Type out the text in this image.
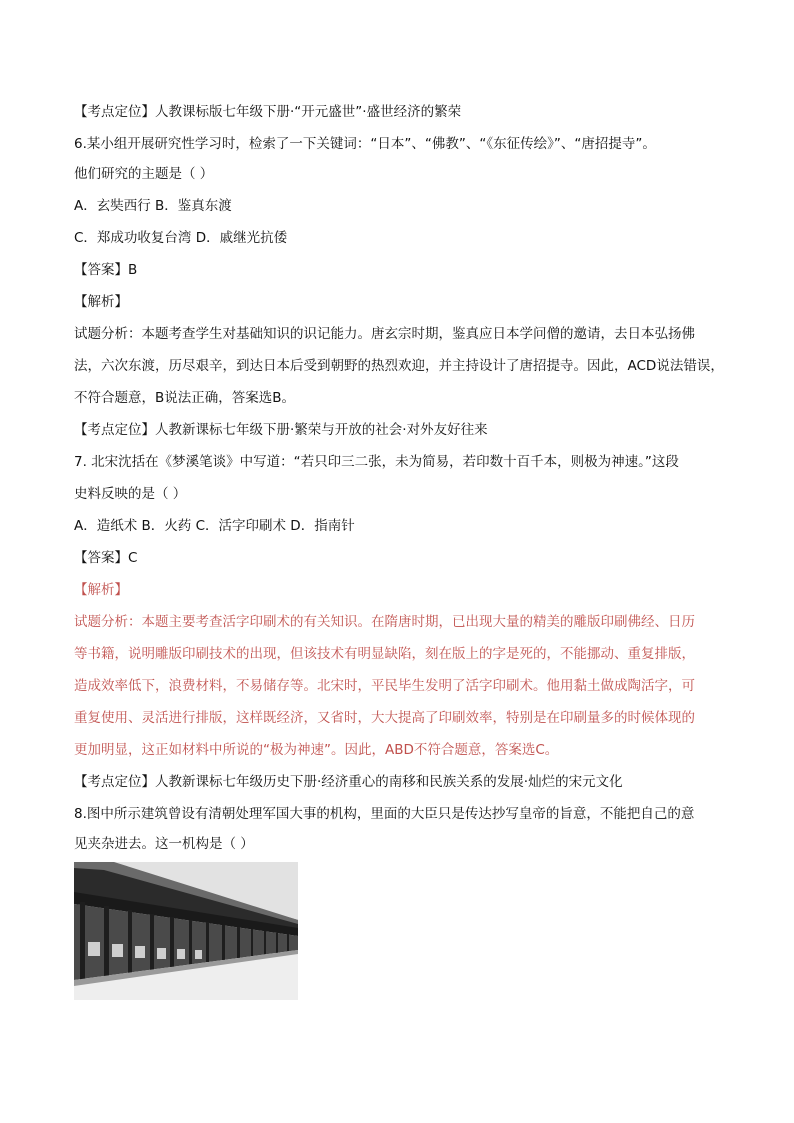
【考点定位】人教课标版七年级下册·“开元盛世”·盛世经济的繁荣
6.某小组开展研究性学习时，检索了一下关键词：“日本”、“佛教”、“《东征传绘》”、“唐招提寺”。
他们研究的主题是（ ）
A．玄奘西行 B．鉴真东渡
C．郑成功收复台湾 D．戚继光抗倭
【答案】B
【解析】
试题分析：本题考查学生对基础知识的识记能力。唐玄宗时期，鉴真应日本学问僧的邀请，去日本弘扬佛
法，六次东渡，历尽艰辛，到达日本后受到朝野的热烈欢迎，并主持设计了唐招提寺。因此，ACD说法错误，
不符合题意，B说法正确，答案选B。
【考点定位】人教新课标七年级下册·繁荣与开放的社会·对外友好往来
7. 北宋沈括在《梦溪笔谈》中写道：“若只印三二张，未为简易，若印数十百千本，则极为神速。”这段
史料反映的是（ ）
A．造纸术 B．火药 C．活字印刷术 D．指南针
【答案】C
【解析】
试题分析：本题主要考查活字印刷术的有关知识。在隋唐时期，已出现大量的精美的雕版印刷佛经、日历
等书籍，说明雕版印刷技术的出现，但该技术有明显缺陷，刻在版上的字是死的，不能挪动、重复排版，
造成效率低下，浪费材料，不易储存等。北宋时，平民毕生发明了活字印刷术。他用黏土做成陶活字，可
重复使用、灵活进行排版，这样既经济，又省时，大大提高了印刷效率，特别是在印刷量多的时候体现的
更加明显，这正如材料中所说的“极为神速”。因此，ABD不符合题意，答案选C。
【考点定位】人教新课标七年级历史下册·经济重心的南移和民族关系的发展·灿烂的宋元文化
8.图中所示建筑曾设有清朝处理军国大事的机构，里面的大臣只是传达抄写皇帝的旨意，不能把自己的意
见夹杂进去。这一机构是（ ）
